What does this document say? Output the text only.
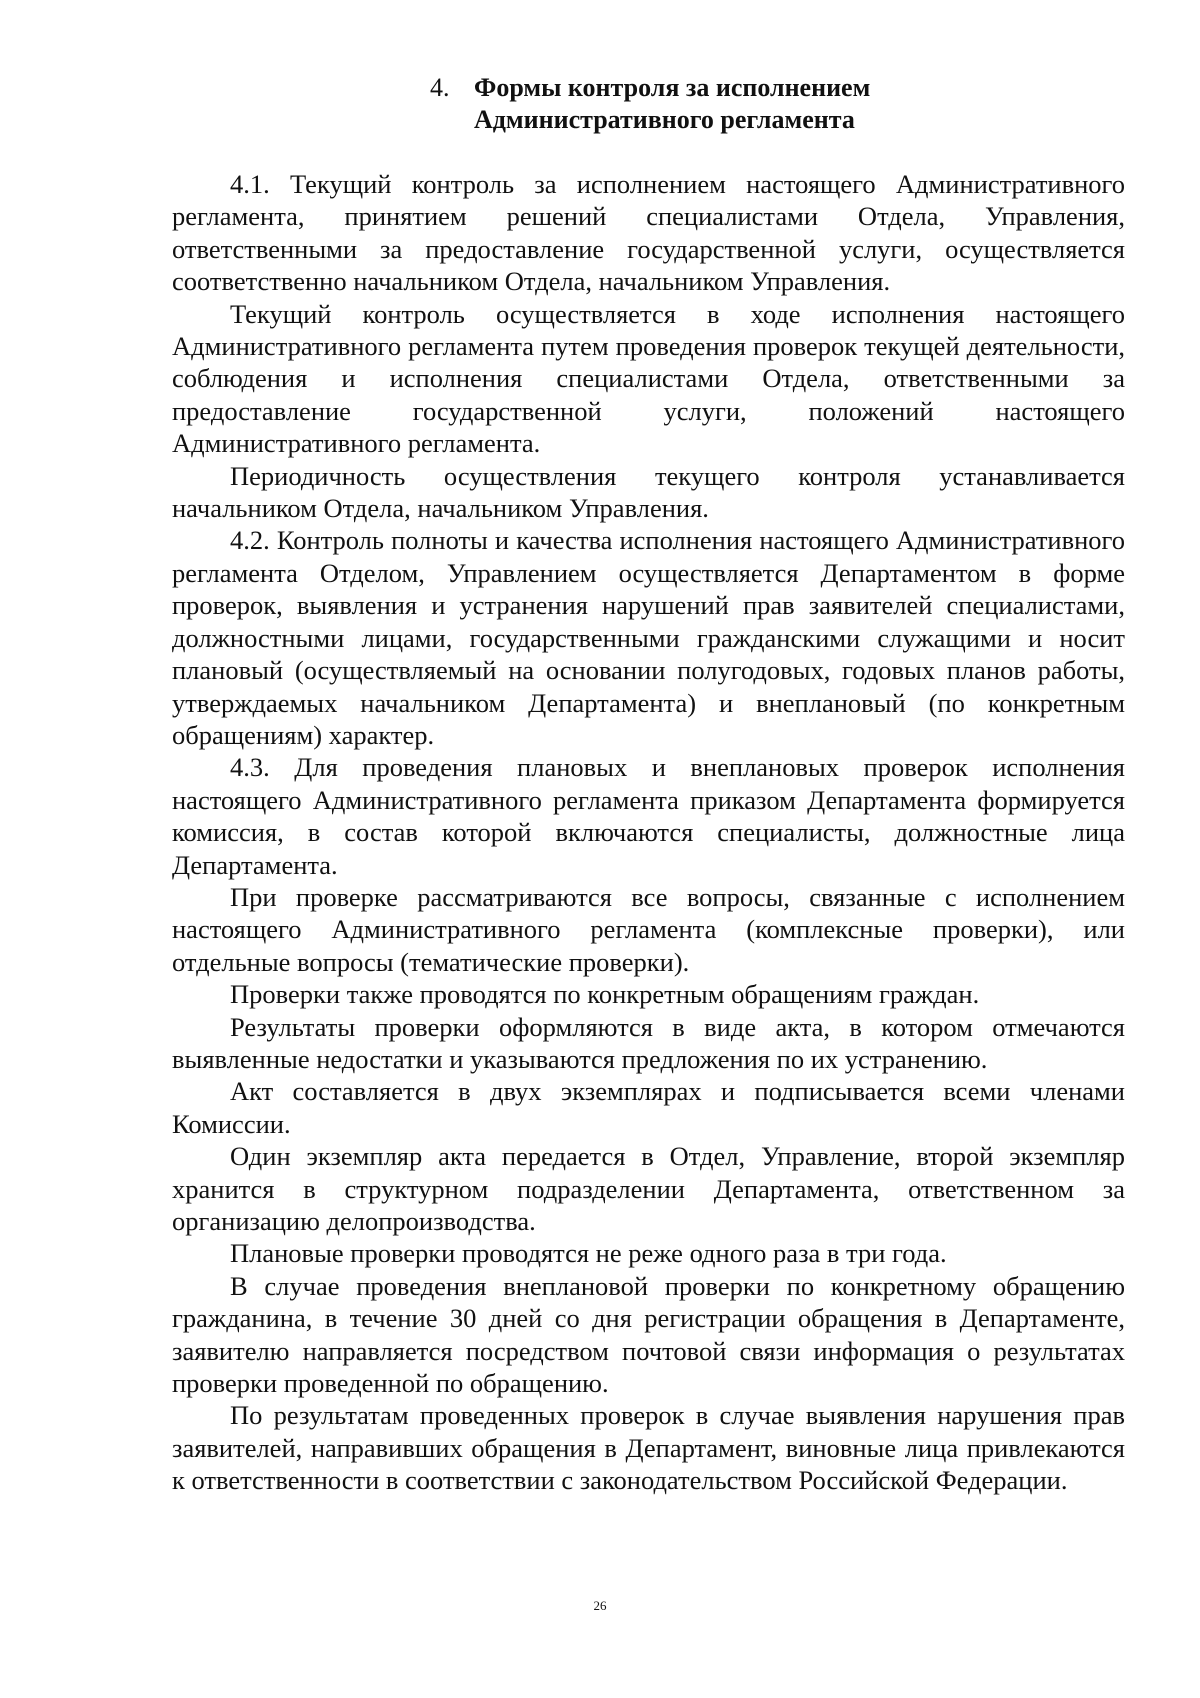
4. Формы контроля за исполнением
Административного регламента

4.1. Текущий контроль за исполнением настоящего Административного регламента, принятием решений специалистами Отдела, Управления, ответственными за предоставление государственной услуги, осуществляется соответственно начальником Отдела, начальником Управления.

Текущий контроль осуществляется в ходе исполнения настоящего Административного регламента путем проведения проверок текущей деятельности, соблюдения и исполнения специалистами Отдела, ответственными за предоставление государственной услуги, положений настоящего Административного регламента.

Периодичность осуществления текущего контроля устанавливается начальником Отдела, начальником Управления.

4.2. Контроль полноты и качества исполнения настоящего Административного регламента Отделом, Управлением осуществляется Департаментом в форме проверок, выявления и устранения нарушений прав заявителей специалистами, должностными лицами, государственными гражданскими служащими и носит плановый (осуществляемый на основании полугодовых, годовых планов работы, утверждаемых начальником Департамента) и внеплановый (по конкретным обращениям) характер.

4.3. Для проведения плановых и внеплановых проверок исполнения настоящего Административного регламента приказом Департамента формируется комиссия, в состав которой включаются специалисты, должностные лица Департамента.

При проверке рассматриваются все вопросы, связанные с исполнением настоящего Административного регламента (комплексные проверки), или отдельные вопросы (тематические проверки).

Проверки также проводятся по конкретным обращениям граждан.

Результаты проверки оформляются в виде акта, в котором отмечаются выявленные недостатки и указываются предложения по их устранению.

Акт составляется в двух экземплярах и подписывается всеми членами Комиссии.

Один экземпляр акта передается в Отдел, Управление, второй экземпляр хранится в структурном подразделении Департамента, ответственном за организацию делопроизводства.

Плановые проверки проводятся не реже одного раза в три года.

В случае проведения внеплановой проверки по конкретному обращению гражданина, в течение 30 дней со дня регистрации обращения в Департаменте, заявителю направляется посредством почтовой связи информация о результатах проверки проведенной по обращению.

По результатам проведенных проверок в случае выявления нарушения прав заявителей, направивших обращения в Департамент, виновные лица привлекаются к ответственности в соответствии с законодательством Российской Федерации.

26
